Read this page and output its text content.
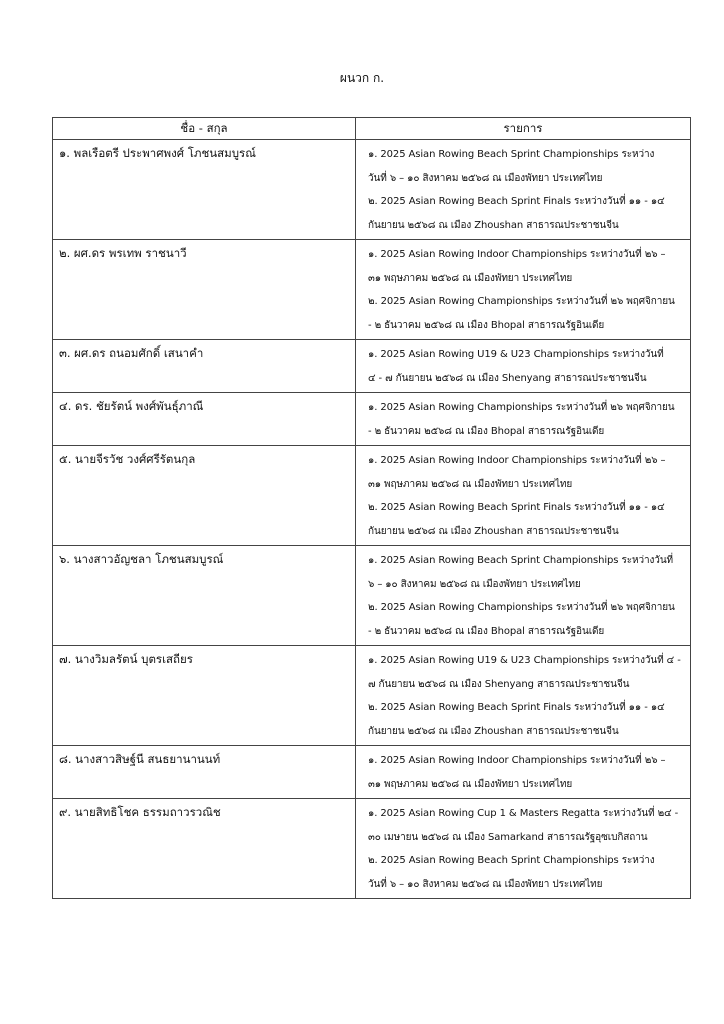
ผนวก ก.
ชื่อ - สกุล	รายการ
๑. พลเรือตรี ประพาศพงศ์ โภชนสมบูรณ์	๑. 2025 Asian Rowing Beach Sprint Championships ระหว่าง
วันที่ ๖ – ๑๐ สิงหาคม ๒๕๖๘ ณ เมืองพัทยา ประเทศไทย
๒. 2025 Asian Rowing Beach Sprint Finals ระหว่างวันที่ ๑๑ - ๑๔
กันยายน ๒๕๖๘ ณ เมือง Zhoushan สาธารณประชาชนจีน

๒. ผศ.ดร พรเทพ ราชนาวี	๑. 2025 Asian Rowing Indoor Championships ระหว่างวันที่ ๒๖ –
๓๑ พฤษภาคม ๒๕๖๘ ณ เมืองพัทยา ประเทศไทย
๒. 2025 Asian Rowing Championships ระหว่างวันที่ ๒๖ พฤศจิกายน
- ๒ ธันวาคม ๒๕๖๘ ณ เมือง Bhopal สาธารณรัฐอินเดีย

๓. ผศ.ดร ถนอมศักดิ์ เสนาคำ	๑. 2025 Asian Rowing U19 & U23 Championships ระหว่างวันที่
๔ - ๗ กันยายน ๒๕๖๘ ณ เมือง Shenyang สาธารณประชาชนจีน

๔. ดร. ชัยรัตน์ พงศ์พันธุ์ภาณี	๑. 2025 Asian Rowing Championships ระหว่างวันที่ ๒๖ พฤศจิกายน
- ๒ ธันวาคม ๒๕๖๘ ณ เมือง Bhopal สาธารณรัฐอินเดีย

๕. นายจีรวัช วงศ์ศรีรัตนกุล	๑. 2025 Asian Rowing Indoor Championships ระหว่างวันที่ ๒๖ –
๓๑ พฤษภาคม ๒๕๖๘ ณ เมืองพัทยา ประเทศไทย
๒. 2025 Asian Rowing Beach Sprint Finals ระหว่างวันที่ ๑๑ - ๑๔
กันยายน ๒๕๖๘ ณ เมือง Zhoushan สาธารณประชาชนจีน

๖. นางสาวอัญชลา โภชนสมบูรณ์	๑. 2025 Asian Rowing Beach Sprint Championships ระหว่างวันที่
๖ – ๑๐ สิงหาคม ๒๕๖๘ ณ เมืองพัทยา ประเทศไทย
๒. 2025 Asian Rowing Championships ระหว่างวันที่ ๒๖ พฤศจิกายน
- ๒ ธันวาคม ๒๕๖๘ ณ เมือง Bhopal สาธารณรัฐอินเดีย

๗. นางวิมลรัตน์ บุตรเสถียร	๑. 2025 Asian Rowing U19 & U23 Championships ระหว่างวันที่ ๔ -
๗ กันยายน ๒๕๖๘ ณ เมือง Shenyang สาธารณประชาชนจีน
๒. 2025 Asian Rowing Beach Sprint Finals ระหว่างวันที่ ๑๑ - ๑๔
กันยายน ๒๕๖๘ ณ เมือง Zhoushan สาธารณประชาชนจีน

๘. นางสาวสิษฐ์นี สนธยานานนท์	๑. 2025 Asian Rowing Indoor Championships ระหว่างวันที่ ๒๖ –
๓๑ พฤษภาคม ๒๕๖๘ ณ เมืองพัทยา ประเทศไทย

๙. นายสิทธิโชค ธรรมถาวรวณิช	๑. 2025 Asian Rowing Cup 1 & Masters Regatta ระหว่างวันที่ ๒๔ -
๓๐ เมษายน ๒๕๖๘ ณ เมือง Samarkand สาธารณรัฐอุซเบกิสถาน
๒. 2025 Asian Rowing Beach Sprint Championships ระหว่าง
วันที่ ๖ – ๑๐ สิงหาคม ๒๕๖๘ ณ เมืองพัทยา ประเทศไทย
